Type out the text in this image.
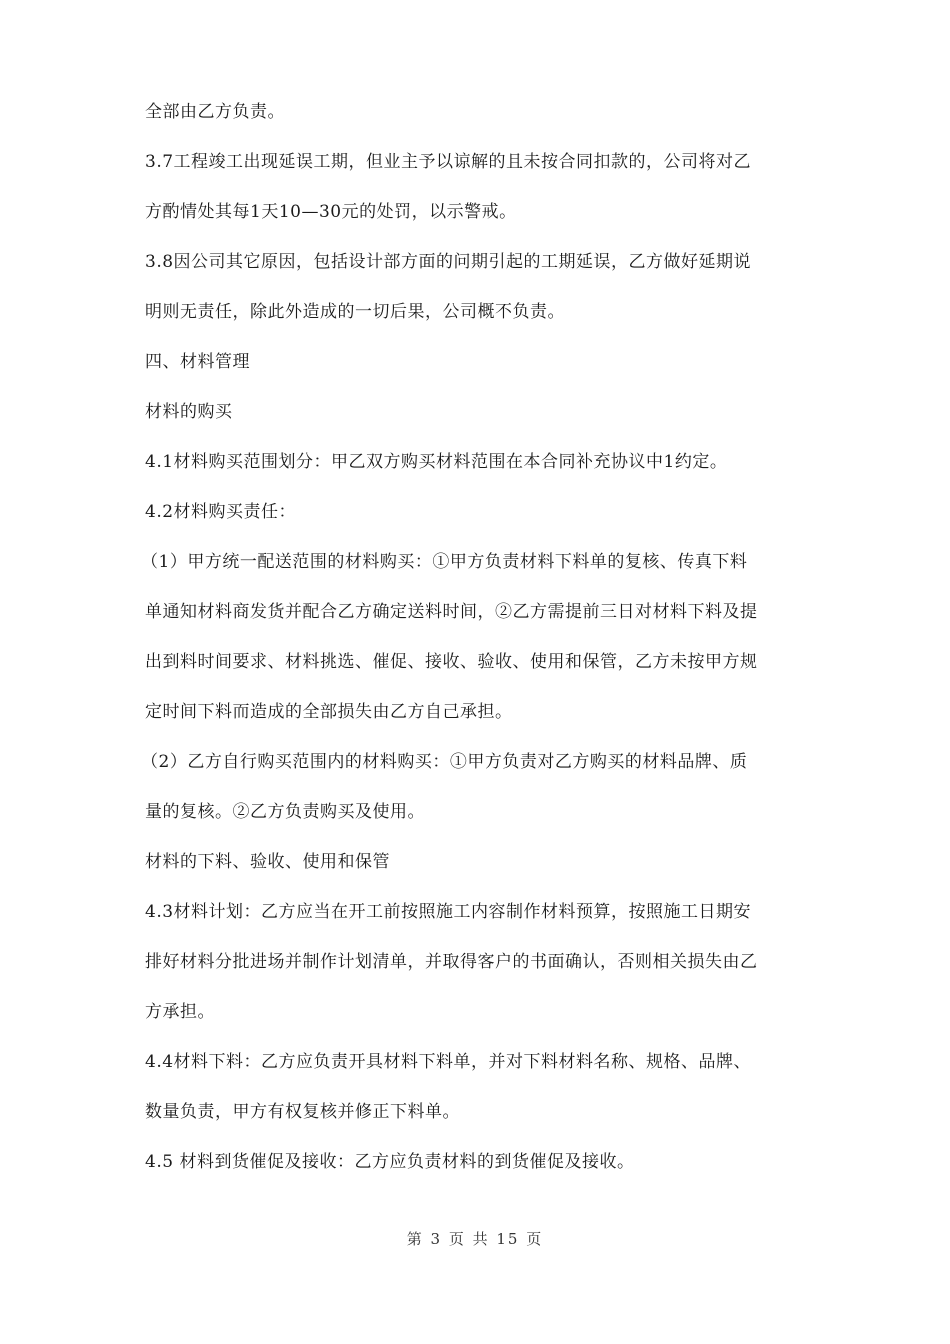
全部由乙方负责。
3.7工程竣工出现延误工期，但业主予以谅解的且未按合同扣款的，公司将对乙
方酌情处其每1天10—30元的处罚，以示警戒。
3.8因公司其它原因，包括设计部方面的问期引起的工期延误，乙方做好延期说
明则无责任，除此外造成的一切后果，公司概不负责。
四、材料管理
材料的购买
4.1材料购买范围划分：甲乙双方购买材料范围在本合同补充协议中1约定。
4.2材料购买责任：
（1）甲方统一配送范围的材料购买：①甲方负责材料下料单的复核、传真下料
单通知材料商发货并配合乙方确定送料时间，②乙方需提前三日对材料下料及提
出到料时间要求、材料挑选、催促、接收、验收、使用和保管，乙方未按甲方规
定时间下料而造成的全部损失由乙方自己承担。
（2）乙方自行购买范围内的材料购买：①甲方负责对乙方购买的材料品牌、质
量的复核。②乙方负责购买及使用。
材料的下料、验收、使用和保管
4.3材料计划：乙方应当在开工前按照施工内容制作材料预算，按照施工日期安
排好材料分批进场并制作计划清单，并取得客户的书面确认，否则相关损失由乙
方承担。
4.4材料下料：乙方应负责开具材料下料单，并对下料材料名称、规格、品牌、
数量负责，甲方有权复核并修正下料单。
4.5 材料到货催促及接收：乙方应负责材料的到货催促及接收。
第 3 页 共 15 页
